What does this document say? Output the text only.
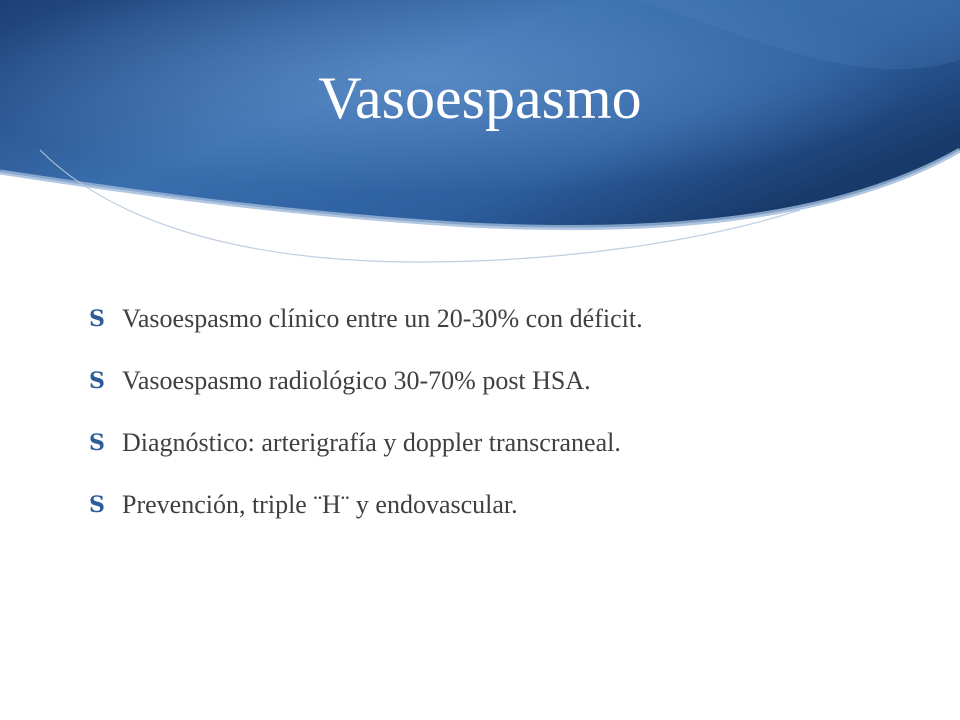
Vasoespasmo
S Vasoespasmo clínico entre un 20-30% con déficit.
S Vasoespasmo radiológico 30-70% post HSA.
S Diagnóstico: arterigrafía y doppler transcraneal.
S Prevención, triple ¨H¨ y endovascular.
